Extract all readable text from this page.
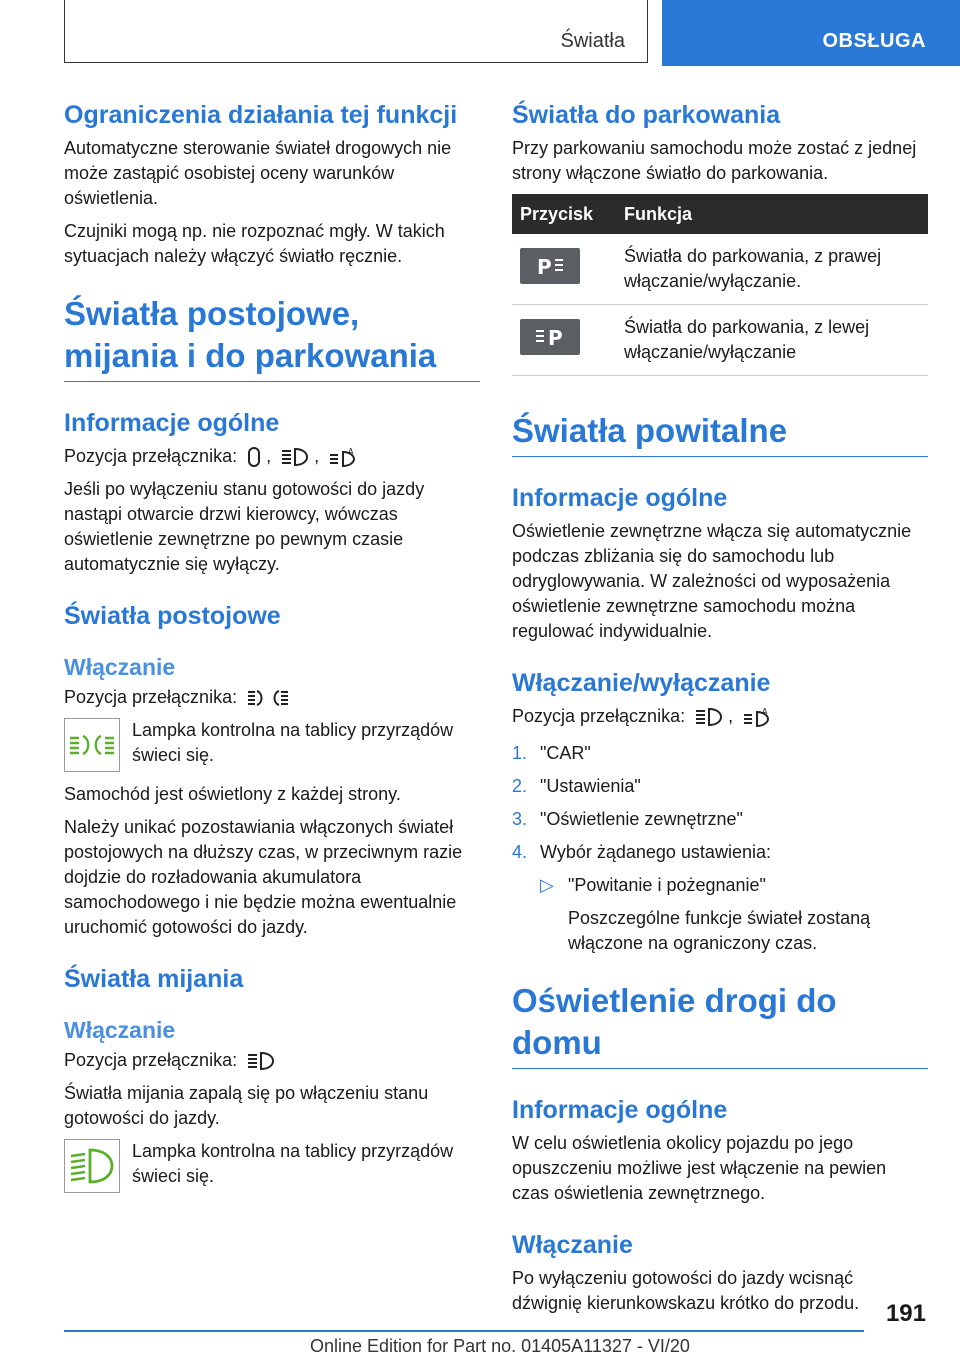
Światła	OBSŁUGA
Ograniczenia działania tej funkcji

Automatyczne sterowanie świateł drogowych nie może zastąpić osobistej oceny warunków oświetlenia.

Czujniki mogą np. nie rozpoznać mgły. W takich sytuacjach należy włączyć światło ręcznie.

Światła postojowe, mijania i do parkowania
Informacje ogólne

Pozycja przełącznika: , ,	A

Jeśli po wyłączeniu stanu gotowości do jazdy nastąpi otwarcie drzwi kierowcy, wówczas oświetlenie zewnętrzne po pewnym czasie automatycznie się wyłączy.

Światła postojowe
Włączanie

Pozycja przełącznika:

Lampka kontrolna na tablicy przyrządów świeci się.

Samochód jest oświetlony z każdej strony.

Należy unikać pozostawiania włączonych świateł postojowych na dłuższy czas, w przeciwnym razie dojdzie do rozładowania akumulatora samochodowego i nie będzie można ewentualnie uruchomić gotowości do jazdy.

Światła mijania
Włączanie

Pozycja przełącznika:

Światła mijania zapalą się po włączeniu stanu gotowości do jazdy.

Lampka kontrolna na tablicy przyrządów świeci się.

Światła do parkowania

Przy parkowaniu samochodu może zostać z jednej strony włączone światło do parkowania.

Przycisk	Funkcja

P	Światła do parkowania, z prawej włączanie/wyłączanie.

P	Światła do parkowania, z lewej włączanie/wyłączanie
Światła powitalne
Informacje ogólne

Oświetlenie zewnętrzne włącza się automatycznie podczas zbliżania się do samochodu lub odryglowywania. W zależności od wyposażenia oświetlenie zewnętrzne samochodu można regulować indywidualnie.

Włączanie/wyłączanie

Pozycja przełącznika: ,	A

1. "CAR"
2. "Ustawienia"
3. "Oświetlenie zewnętrzne"
4. Wybór żądanego ustawienia:

▷ "Powitanie i pożegnanie"

Poszczególne funkcje świateł zostaną włączone na ograniczony czas.

Oświetlenie drogi do domu
Informacje ogólne

W celu oświetlenia okolicy pojazdu po jego opuszczeniu możliwe jest włączenie na pewien czas oświetlenia zewnętrznego.

Włączanie

Po wyłączeniu gotowości do jazdy wcisnąć dźwignię kierunkowskazu krótko do przodu.	191
Online Edition for Part no. 01405A11327 - VI/20
